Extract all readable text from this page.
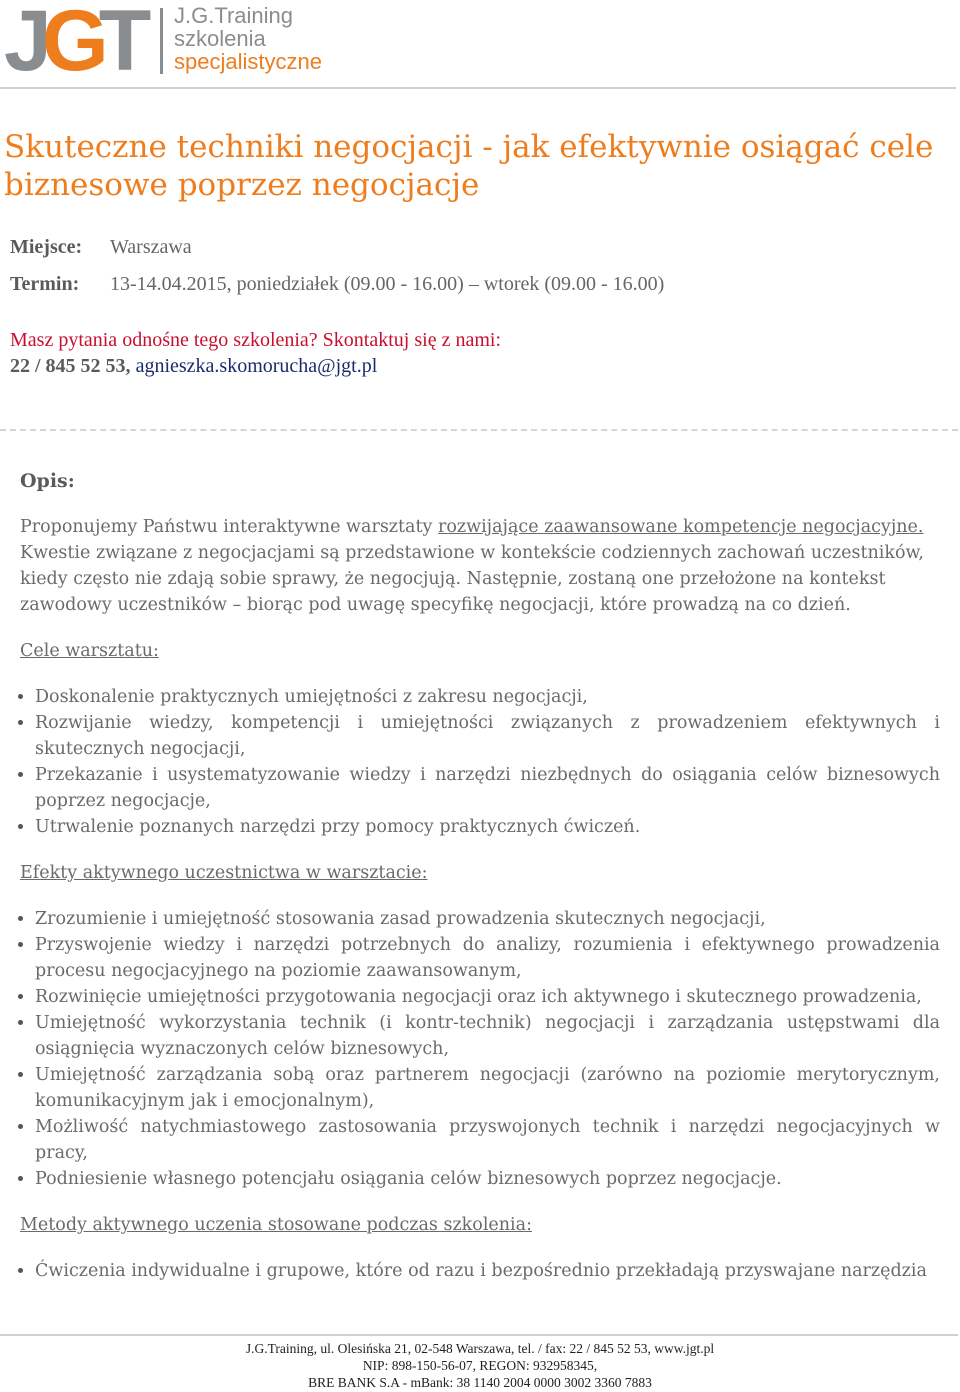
J G T J.G.Training
szkolenia
specjalistyczne
Skuteczne techniki negocjacji - jak efektywnie osiągać cele biznesowe poprzez negocjacje
Miejsce: Warszawa
Termin: 13-14.04.2015, poniedziałek (09.00 - 16.00) – wtorek (09.00 - 16.00)
Masz pytania odnośne tego szkolenia? Skontaktuj się z nami:
22 / 845 52 53, agnieszka.skomorucha@jgt.pl
Opis:

Proponujemy Państwu interaktywne warsztaty rozwijające zaawansowane kompetencje negocjacyjne. Kwestie związane z negocjacjami są przedstawione w kontekście codziennych zachowań uczestników, kiedy często nie zdają sobie sprawy, że negocjują. Następnie, zostaną one przełożone na kontekst zawodowy uczestników – biorąc pod uwagę specyfikę negocjacji, które prowadzą na co dzień.

Cele warsztatu:
• Doskonalenie praktycznych umiejętności z zakresu negocjacji,
• Rozwijanie wiedzy, kompetencji i umiejętności związanych z prowadzeniem efektywnych i skutecznych negocjacji,
• Przekazanie i usystematyzowanie wiedzy i narzędzi niezbędnych do osiągania celów biznesowych poprzez negocjacje,
• Utrwalenie poznanych narzędzi przy pomocy praktycznych ćwiczeń.
Efekty aktywnego uczestnictwa w warsztacie:
• Zrozumienie i umiejętność stosowania zasad prowadzenia skutecznych negocjacji,
• Przyswojenie wiedzy i narzędzi potrzebnych do analizy, rozumienia i efektywnego prowadzenia procesu negocjacyjnego na poziomie zaawansowanym,
• Rozwinięcie umiejętności przygotowania negocjacji oraz ich aktywnego i skutecznego prowadzenia,
• Umiejętność wykorzystania technik (i kontr-technik) negocjacji i zarządzania ustępstwami dla osiągnięcia wyznaczonych celów biznesowych,
• Umiejętność zarządzania sobą oraz partnerem negocjacji (zarówno na poziomie merytorycznym, komunikacyjnym jak i emocjonalnym),
• Możliwość natychmiastowego zastosowania przyswojonych technik i narzędzi negocjacyjnych w pracy,
• Podniesienie własnego potencjału osiągania celów biznesowych poprzez negocjacje.
Metody aktywnego uczenia stosowane podczas szkolenia:
• Ćwiczenia indywidualne i grupowe, które od razu i bezpośrednio przekładają przyswajane narzędzia
J.G.Training, ul. Olesińska 21, 02-548 Warszawa, tel. / fax: 22 / 845 52 53, www.jgt.pl
NIP: 898-150-56-07, REGON: 932958345,
BRE BANK S.A - mBank: 38 1140 2004 0000 3002 3360 7883
